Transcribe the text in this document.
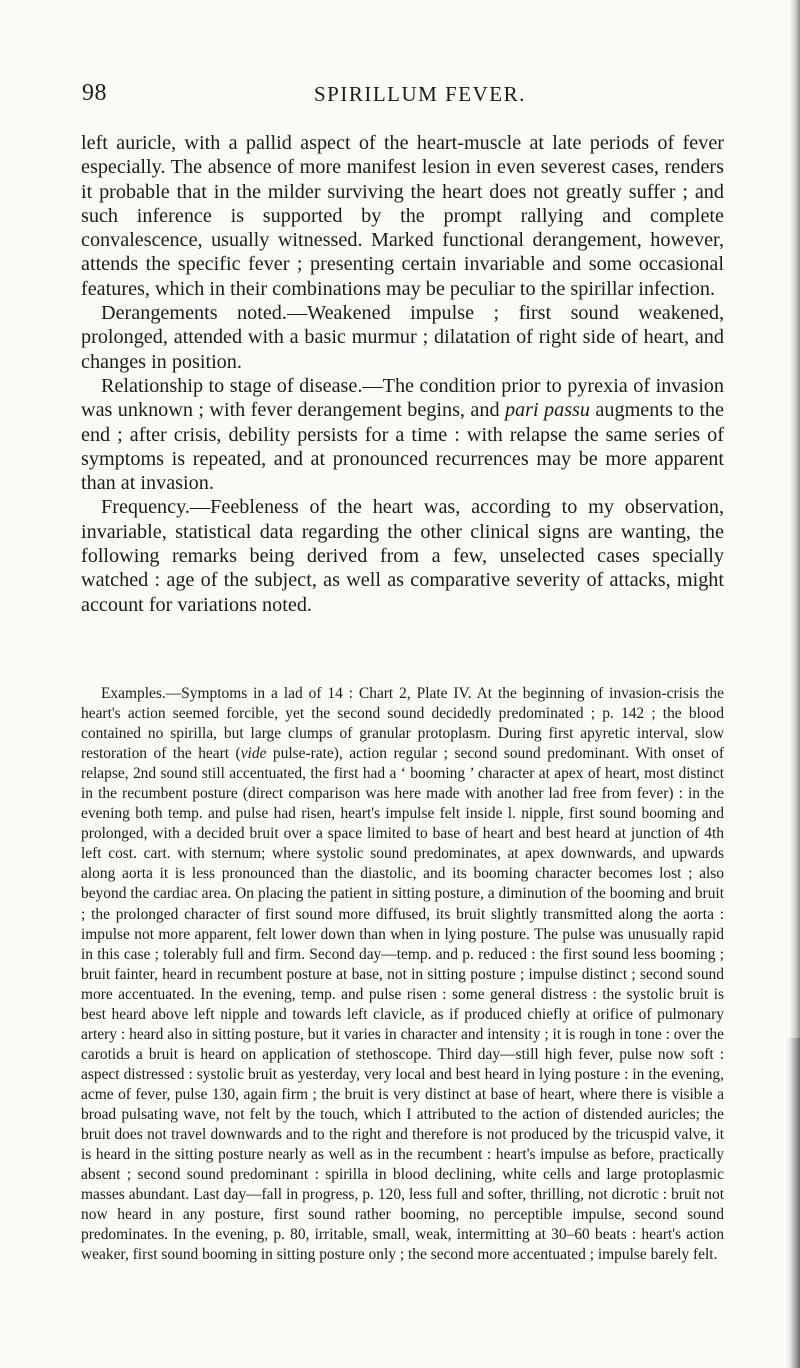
98	SPIRILLUM FEVER.

left auricle, with a pallid aspect of the heart-muscle at late periods of fever especially. The absence of more manifest lesion in even severest cases, renders it probable that in the milder surviving the heart does not greatly suffer ; and such inference is supported by the prompt rallying and complete convalescence, usually witnessed. Marked functional derangement, however, attends the specific fever ; presenting certain invariable and some occasional features, which in their combinations may be peculiar to the spirillar infection.

Derangements noted.—Weakened impulse ; first sound weakened, prolonged, attended with a basic murmur ; dilatation of right side of heart, and changes in position.

Relationship to stage of disease.—The condition prior to pyrexia of invasion was unknown ; with fever derangement begins, and pari passu augments to the end ; after crisis, debility persists for a time : with relapse the same series of symptoms is repeated, and at pronounced recurrences may be more apparent than at invasion.

Frequency.—Feebleness of the heart was, according to my observation, invariable, statistical data regarding the other clinical signs are wanting, the following remarks being derived from a few, unselected cases specially watched : age of the subject, as well as comparative severity of attacks, might account for variations noted.

Examples.—Symptoms in a lad of 14 : Chart 2, Plate IV. At the beginning of invasion-crisis the heart's action seemed forcible, yet the second sound decidedly predominated ; p. 142 ; the blood contained no spirilla, but large clumps of granular protoplasm. During first apyretic interval, slow restoration of the heart (vide pulse-rate), action regular ; second sound predominant. With onset of relapse, 2nd sound still accentuated, the first had a ‘ booming ’ character at apex of heart, most distinct in the recumbent posture (direct comparison was here made with another lad free from fever) : in the evening both temp. and pulse had risen, heart's impulse felt inside l. nipple, first sound booming and prolonged, with a decided bruit over a space limited to base of heart and best heard at junction of 4th left cost. cart. with sternum; where systolic sound predominates, at apex downwards, and upwards along aorta it is less pronounced than the diastolic, and its booming character becomes lost ; also beyond the cardiac area. On placing the patient in sitting posture, a diminution of the booming and bruit ; the prolonged character of first sound more diffused, its bruit slightly transmitted along the aorta : impulse not more apparent, felt lower down than when in lying posture. The pulse was unusually rapid in this case ; tolerably full and firm. Second day—temp. and p. reduced : the first sound less booming ; bruit fainter, heard in recumbent posture at base, not in sitting posture ; impulse distinct ; second sound more accentuated. In the evening, temp. and pulse risen : some general distress : the systolic bruit is best heard above left nipple and towards left clavicle, as if produced chiefly at orifice of pulmonary artery : heard also in sitting posture, but it varies in character and intensity ; it is rough in tone : over the carotids a bruit is heard on application of stethoscope. Third day—still high fever, pulse now soft : aspect distressed : systolic bruit as yesterday, very local and best heard in lying posture : in the evening, acme of fever, pulse 130, again firm ; the bruit is very distinct at base of heart, where there is visible a broad pulsating wave, not felt by the touch, which I attributed to the action of distended auricles; the bruit does not travel downwards and to the right and therefore is not produced by the tricuspid valve, it is heard in the sitting posture nearly as well as in the recumbent : heart's impulse as before, practically absent ; second sound predominant : spirilla in blood declining, white cells and large protoplasmic masses abundant. Last day—fall in progress, p. 120, less full and softer, thrilling, not dicrotic : bruit not now heard in any posture, first sound rather booming, no perceptible impulse, second sound predominates. In the evening, p. 80, irritable, small, weak, intermitting at 30–60 beats : heart's action weaker, first sound booming in sitting posture only ; the second more accentuated ; impulse barely felt.
